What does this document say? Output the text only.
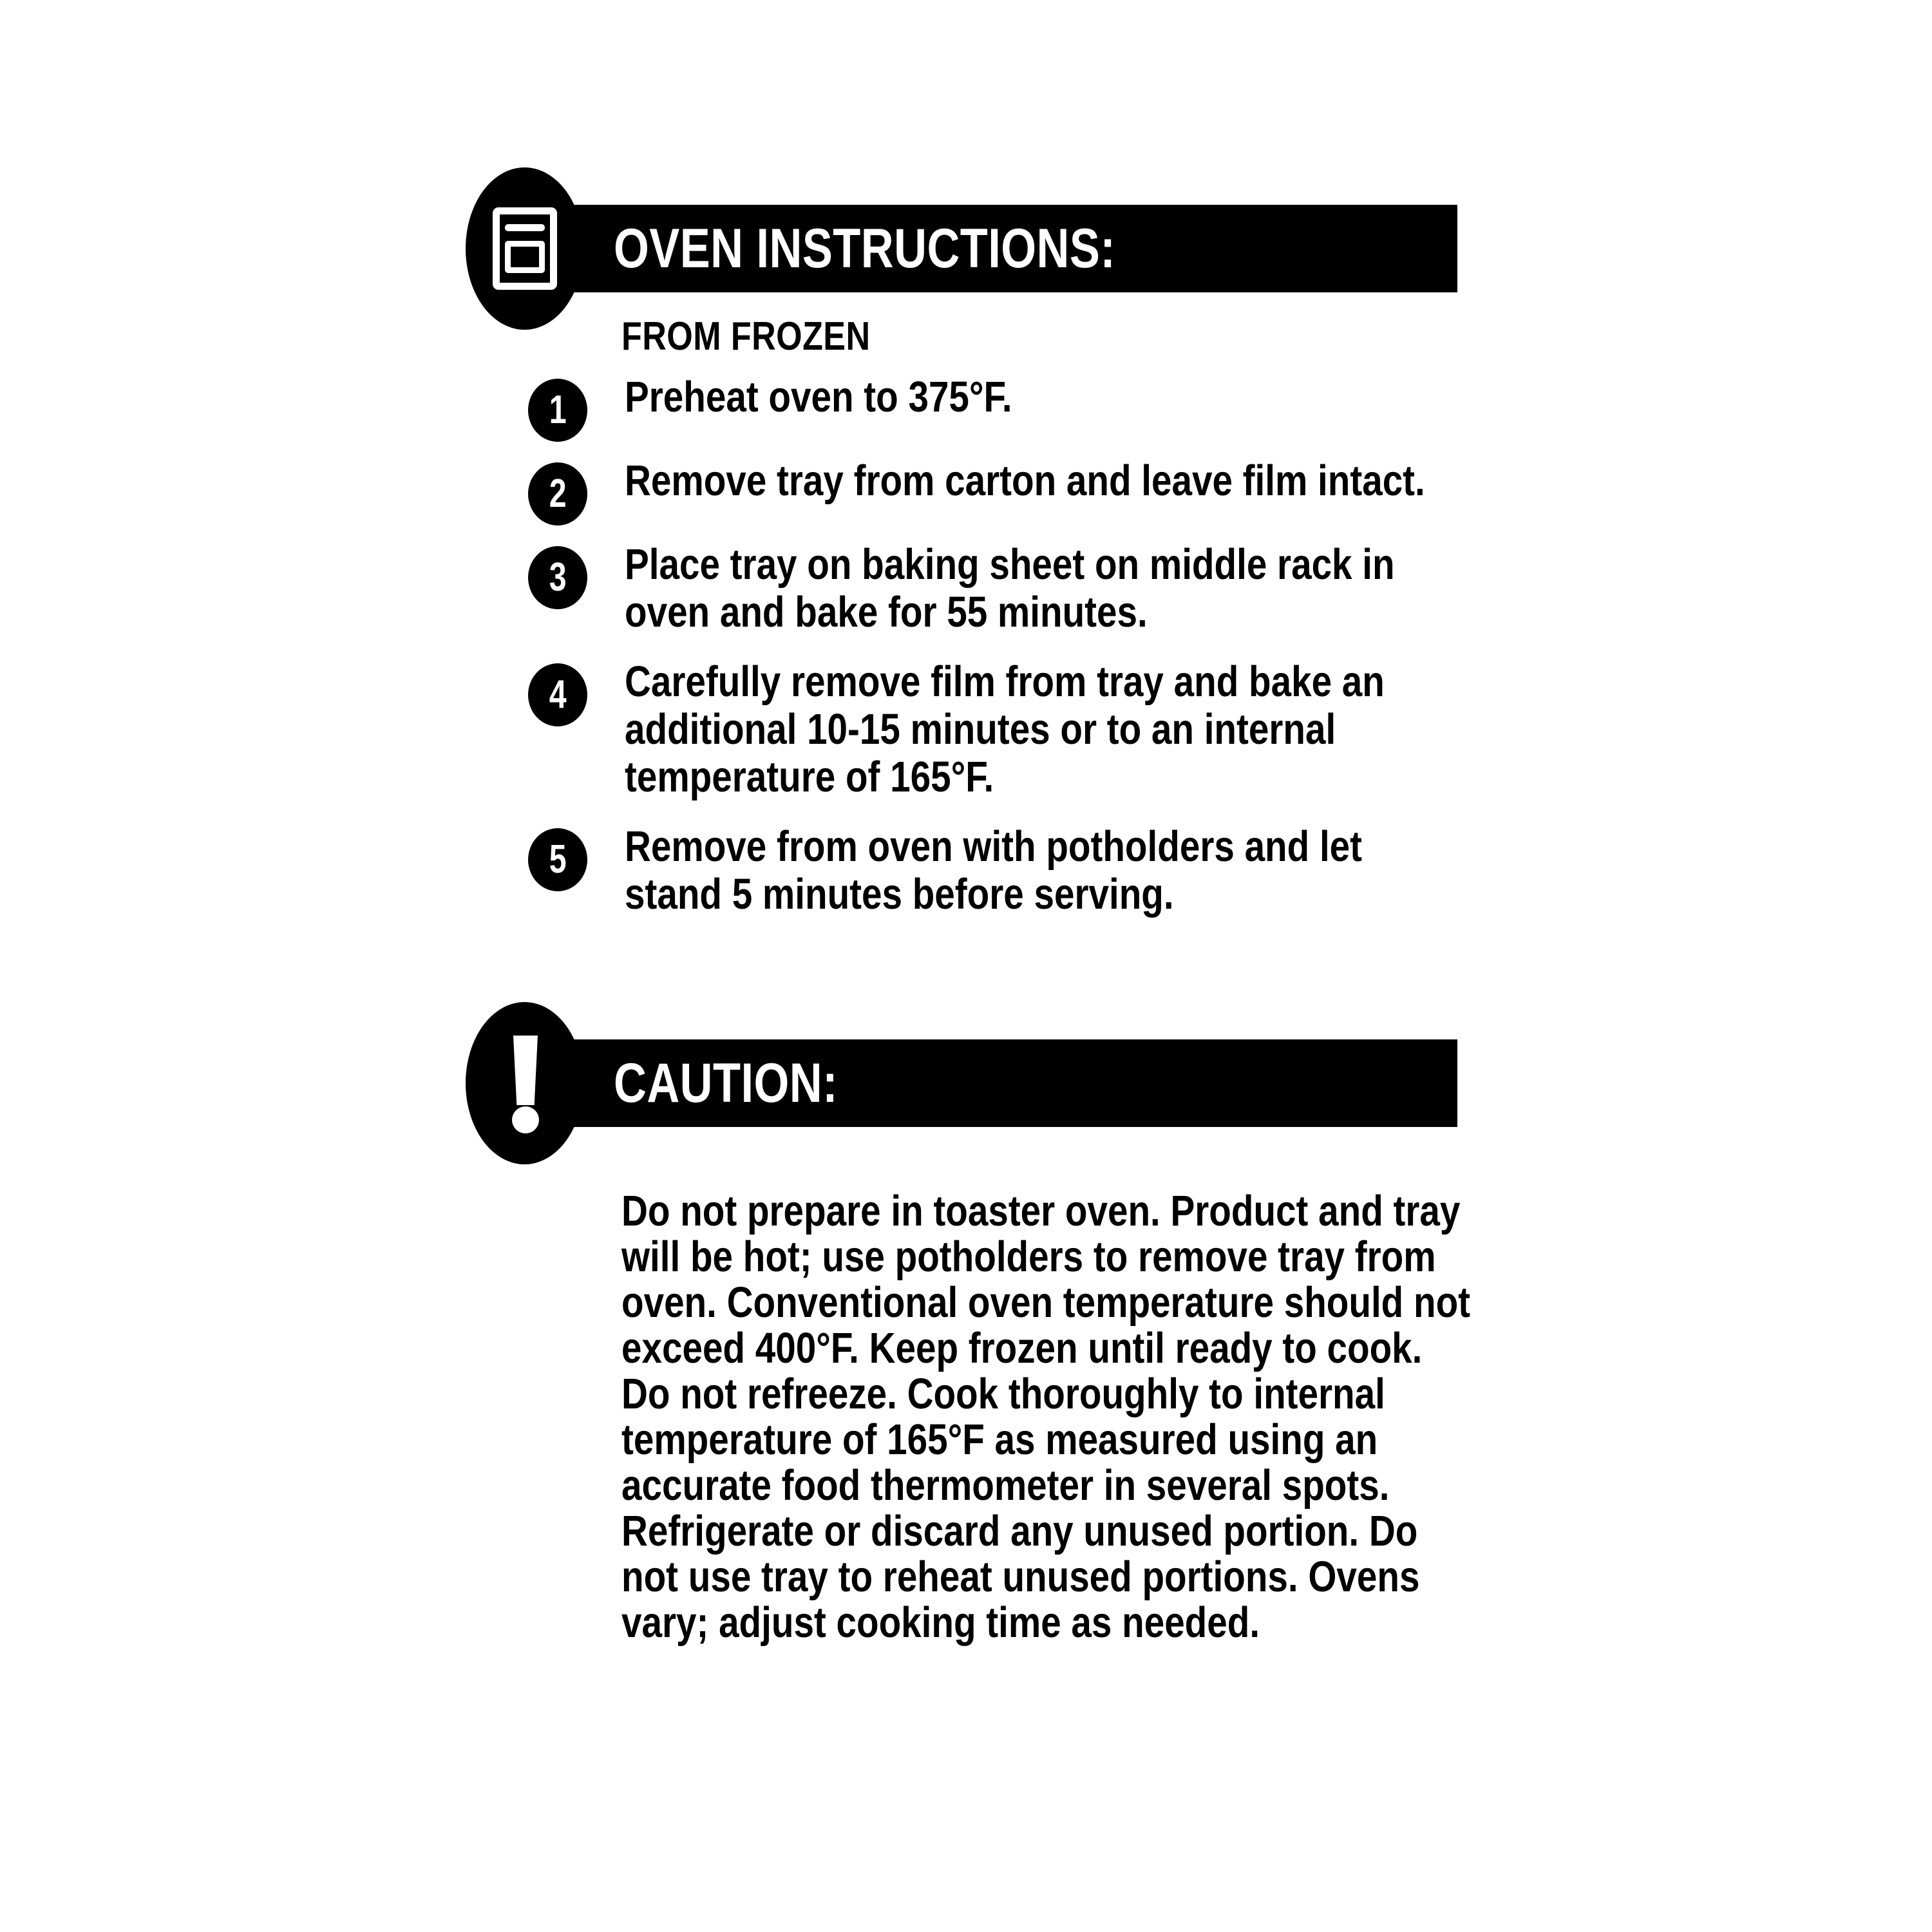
OVEN INSTRUCTIONS:
FROM FROZEN
1	Preheat oven to 375°F.
2	Remove tray from carton and leave film intact.
3	Place tray on baking sheet on middle rack in oven and bake for 55 minutes.
4	Carefully remove film from tray and bake an additional 10-15 minutes or to an internal temperature of 165°F.
5	Remove from oven with potholders and let stand 5 minutes before serving.
CAUTION:
Do not prepare in toaster oven. Product and tray will be hot; use potholders to remove tray from oven. Conventional oven temperature should not exceed 400°F. Keep frozen until ready to cook. Do not refreeze. Cook thoroughly to internal temperature of 165°F as measured using an accurate food thermometer in several spots. Refrigerate or discard any unused portion. Do not use tray to reheat unused portions. Ovens vary; adjust cooking time as needed.
